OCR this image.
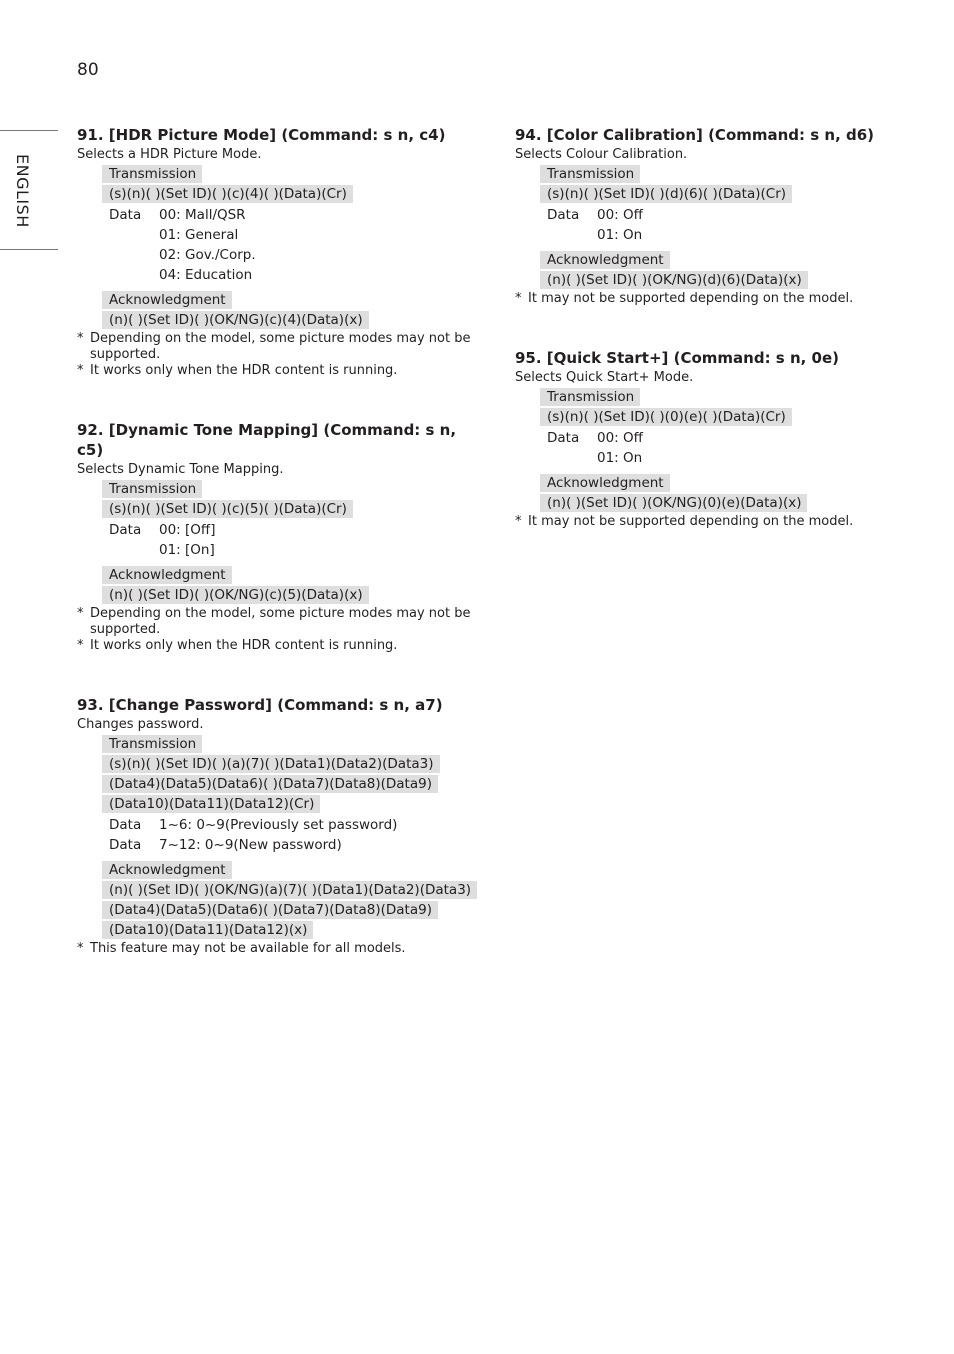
80
ENGLISH
91. [HDR Picture Mode] (Command: s n, c4)
Selects a HDR Picture Mode.
Transmission
(s)(n)( )(Set ID)( )(c)(4)( )(Data)(Cr)
Data	00: Mall/QSR
01: General
02: Gov./Corp.
04: Education
Acknowledgment
(n)( )(Set ID)( )(OK/NG)(c)(4)(Data)(x)
* Depending on the model, some picture modes may not be supported.
* It works only when the HDR content is running.
92. [Dynamic Tone Mapping] (Command: s n, c5)
Selects Dynamic Tone Mapping.
Transmission
(s)(n)( )(Set ID)( )(c)(5)( )(Data)(Cr)
Data	00: [Off]
01: [On]
Acknowledgment
(n)( )(Set ID)( )(OK/NG)(c)(5)(Data)(x)
* Depending on the model, some picture modes may not be supported.
* It works only when the HDR content is running.
93. [Change Password] (Command: s n, a7)
Changes password.
Transmission
(s)(n)( )(Set ID)( )(a)(7)( )(Data1)(Data2)(Data3)
(Data4)(Data5)(Data6)( )(Data7)(Data8)(Data9)
(Data10)(Data11)(Data12)(Cr)
Data	1~6: 0~9(Previously set password)
Data	7~12: 0~9(New password)
Acknowledgment
(n)( )(Set ID)( )(OK/NG)(a)(7)( )(Data1)(Data2)(Data3)
(Data4)(Data5)(Data6)( )(Data7)(Data8)(Data9)
(Data10)(Data11)(Data12)(x)
* This feature may not be available for all models.
94. [Color Calibration] (Command: s n, d6)
Selects Colour Calibration.
Transmission
(s)(n)( )(Set ID)( )(d)(6)( )(Data)(Cr)
Data	00: Off
01: On
Acknowledgment
(n)( )(Set ID)( )(OK/NG)(d)(6)(Data)(x)
* It may not be supported depending on the model.
95. [Quick Start+] (Command: s n, 0e)
Selects Quick Start+ Mode.
Transmission
(s)(n)( )(Set ID)( )(0)(e)( )(Data)(Cr)
Data	00: Off
01: On
Acknowledgment
(n)( )(Set ID)( )(OK/NG)(0)(e)(Data)(x)
* It may not be supported depending on the model.
